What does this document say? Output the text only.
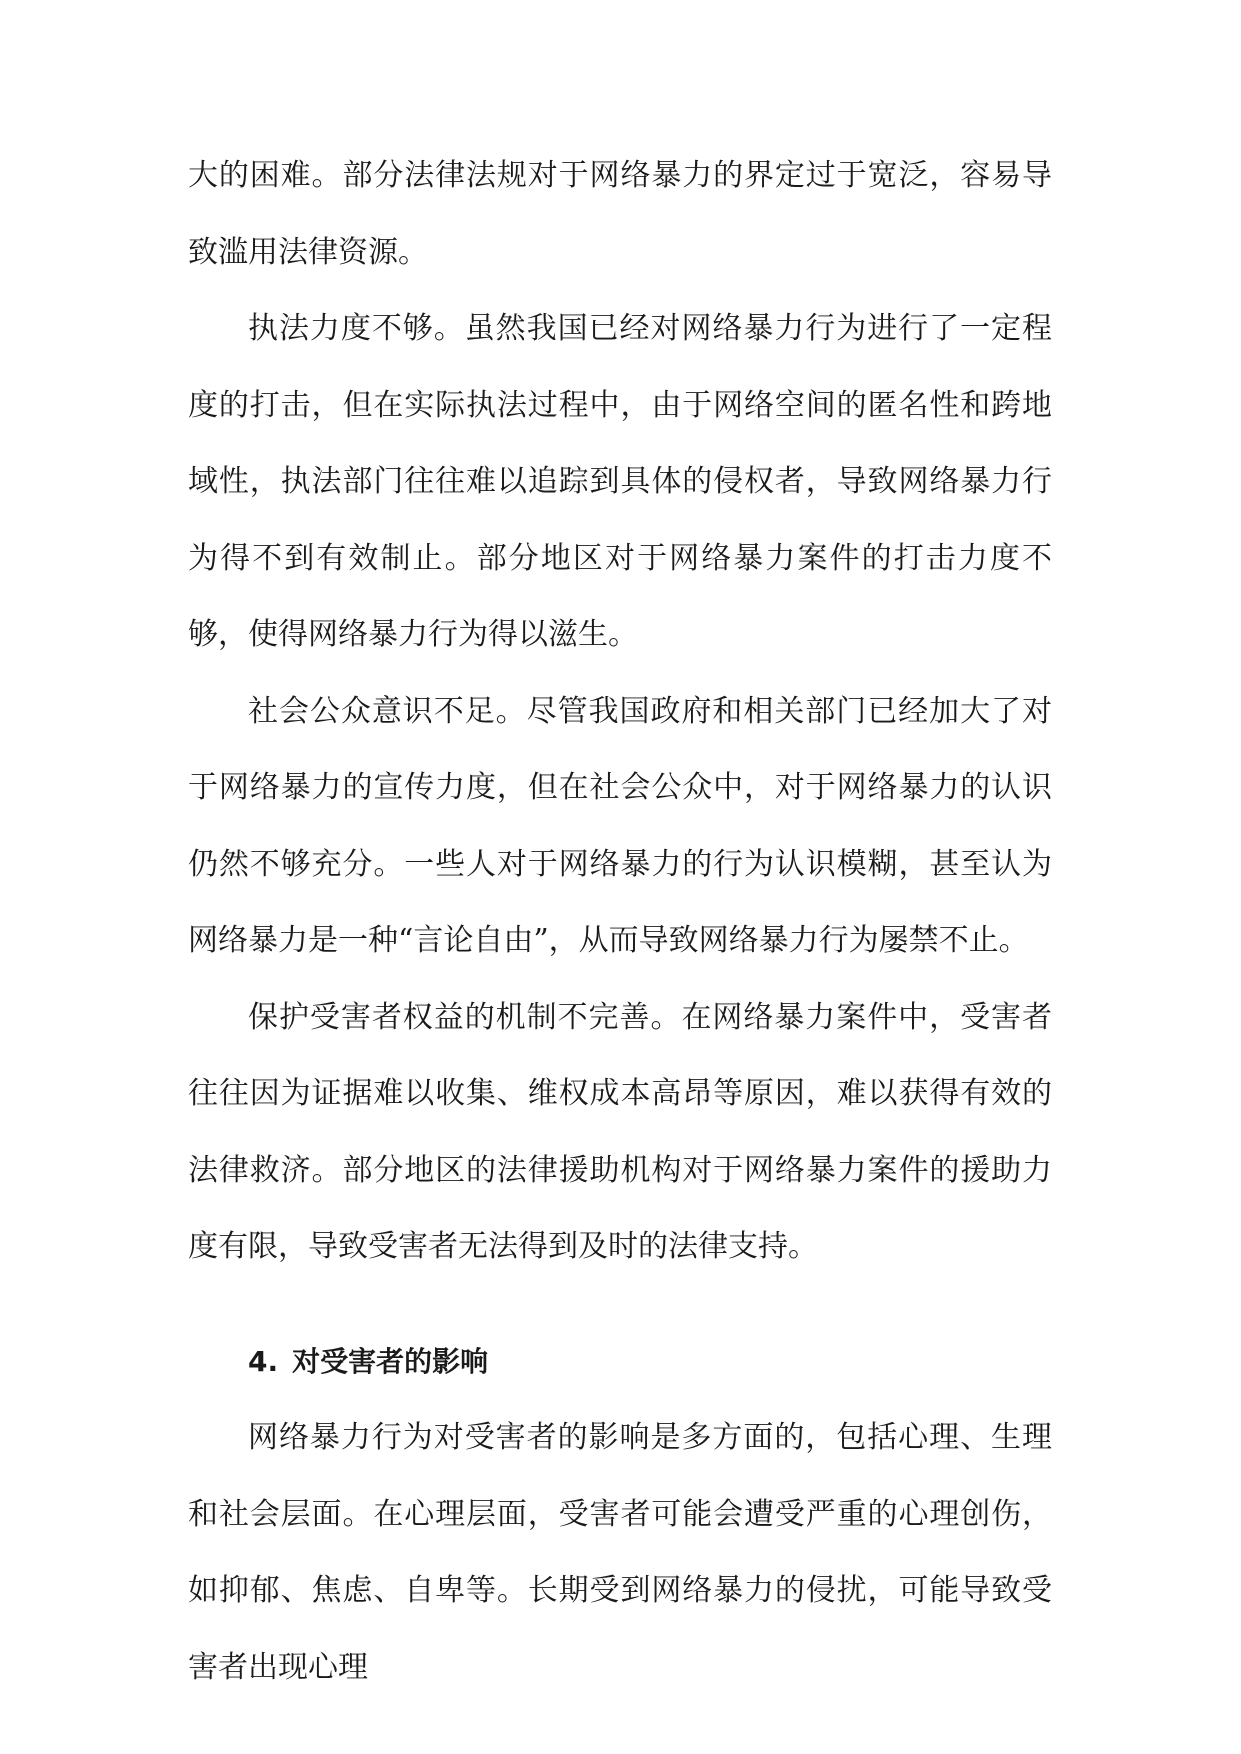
大的困难。部分法律法规对于网络暴力的界定过于宽泛，容易导致滥用法律资源。

执法力度不够。虽然我国已经对网络暴力行为进行了一定程度的打击，但在实际执法过程中，由于网络空间的匿名性和跨地域性，执法部门往往难以追踪到具体的侵权者，导致网络暴力行为得不到有效制止。部分地区对于网络暴力案件的打击力度不够，使得网络暴力行为得以滋生。

社会公众意识不足。尽管我国政府和相关部门已经加大了对于网络暴力的宣传力度，但在社会公众中，对于网络暴力的认识仍然不够充分。一些人对于网络暴力的行为认识模糊，甚至认为网络暴力是一种“言论自由”，从而导致网络暴力行为屡禁不止。

保护受害者权益的机制不完善。在网络暴力案件中，受害者往往因为证据难以收集、维权成本高昂等原因，难以获得有效的法律救济。部分地区的法律援助机构对于网络暴力案件的援助力度有限，导致受害者无法得到及时的法律支持。

4. 对受害者的影响

网络暴力行为对受害者的影响是多方面的，包括心理、生理和社会层面。在心理层面，受害者可能会遭受严重的心理创伤，如抑郁、焦虑、自卑等。长期受到网络暴力的侵扰，可能导致受害者出现心理
